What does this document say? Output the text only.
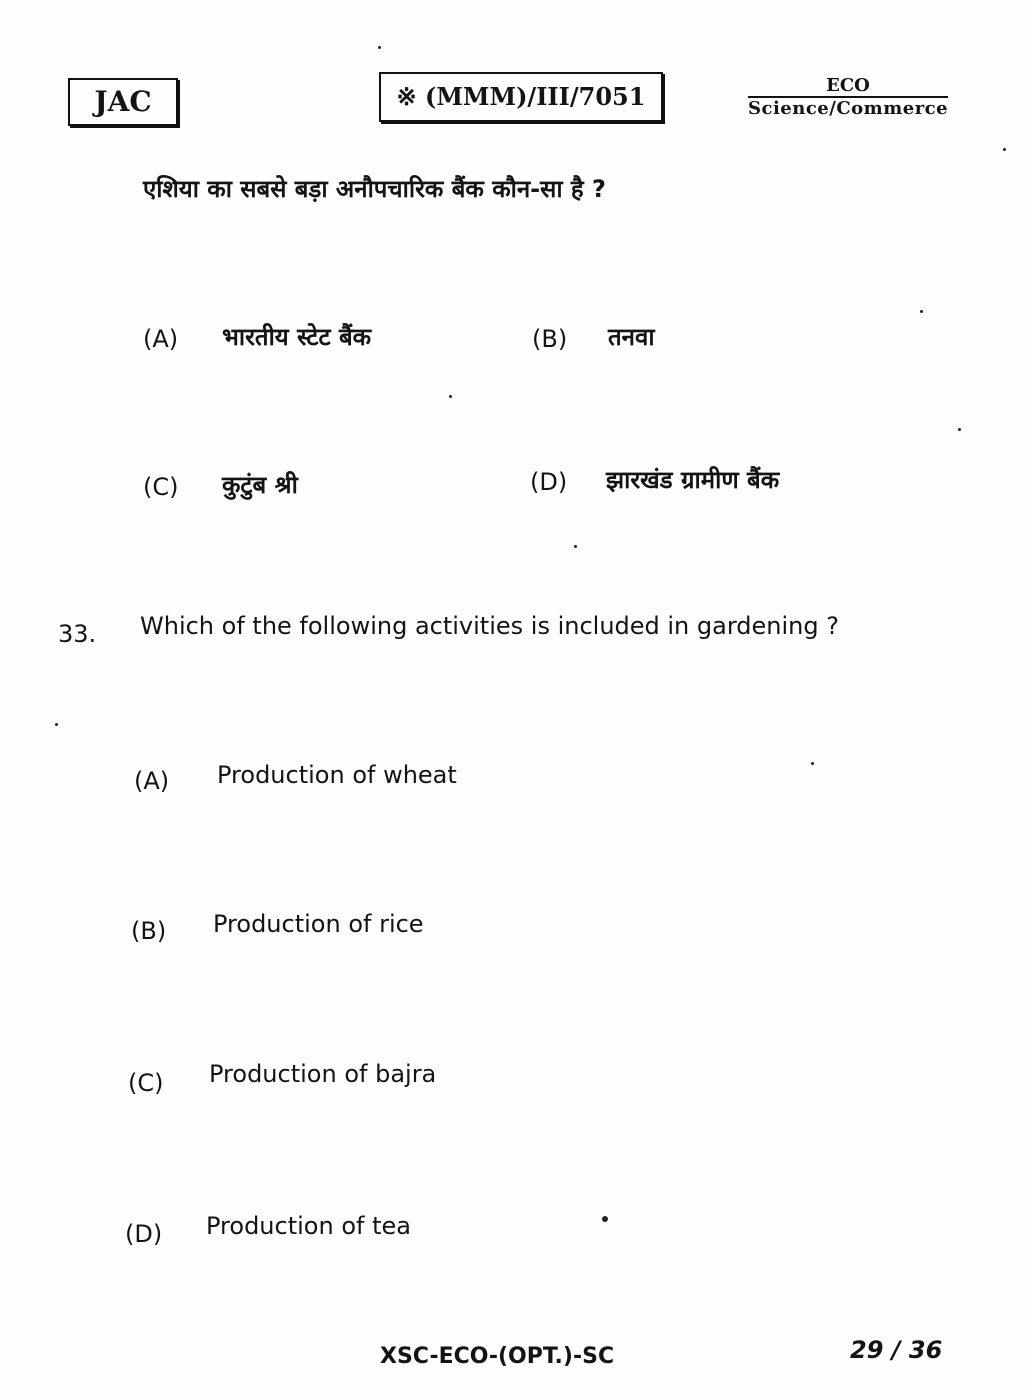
JAC	※ (MMM)/III/7051	ECO
Science/Commerce
एशिया का सबसे बड़ा अनौपचारिक बैंक कौन-सा है ?
(A) भारतीय स्टेट बैंक	(B) तनवा
(C) कुटुंब श्री	(D) झारखंड ग्रामीण बैंक
33. Which of the following activities is included in gardening ?
(A) Production of wheat
(B) Production of rice
(C) Production of bajra
(D) Production of tea
XSC-ECO-(OPT.)-SC	29 / 36
